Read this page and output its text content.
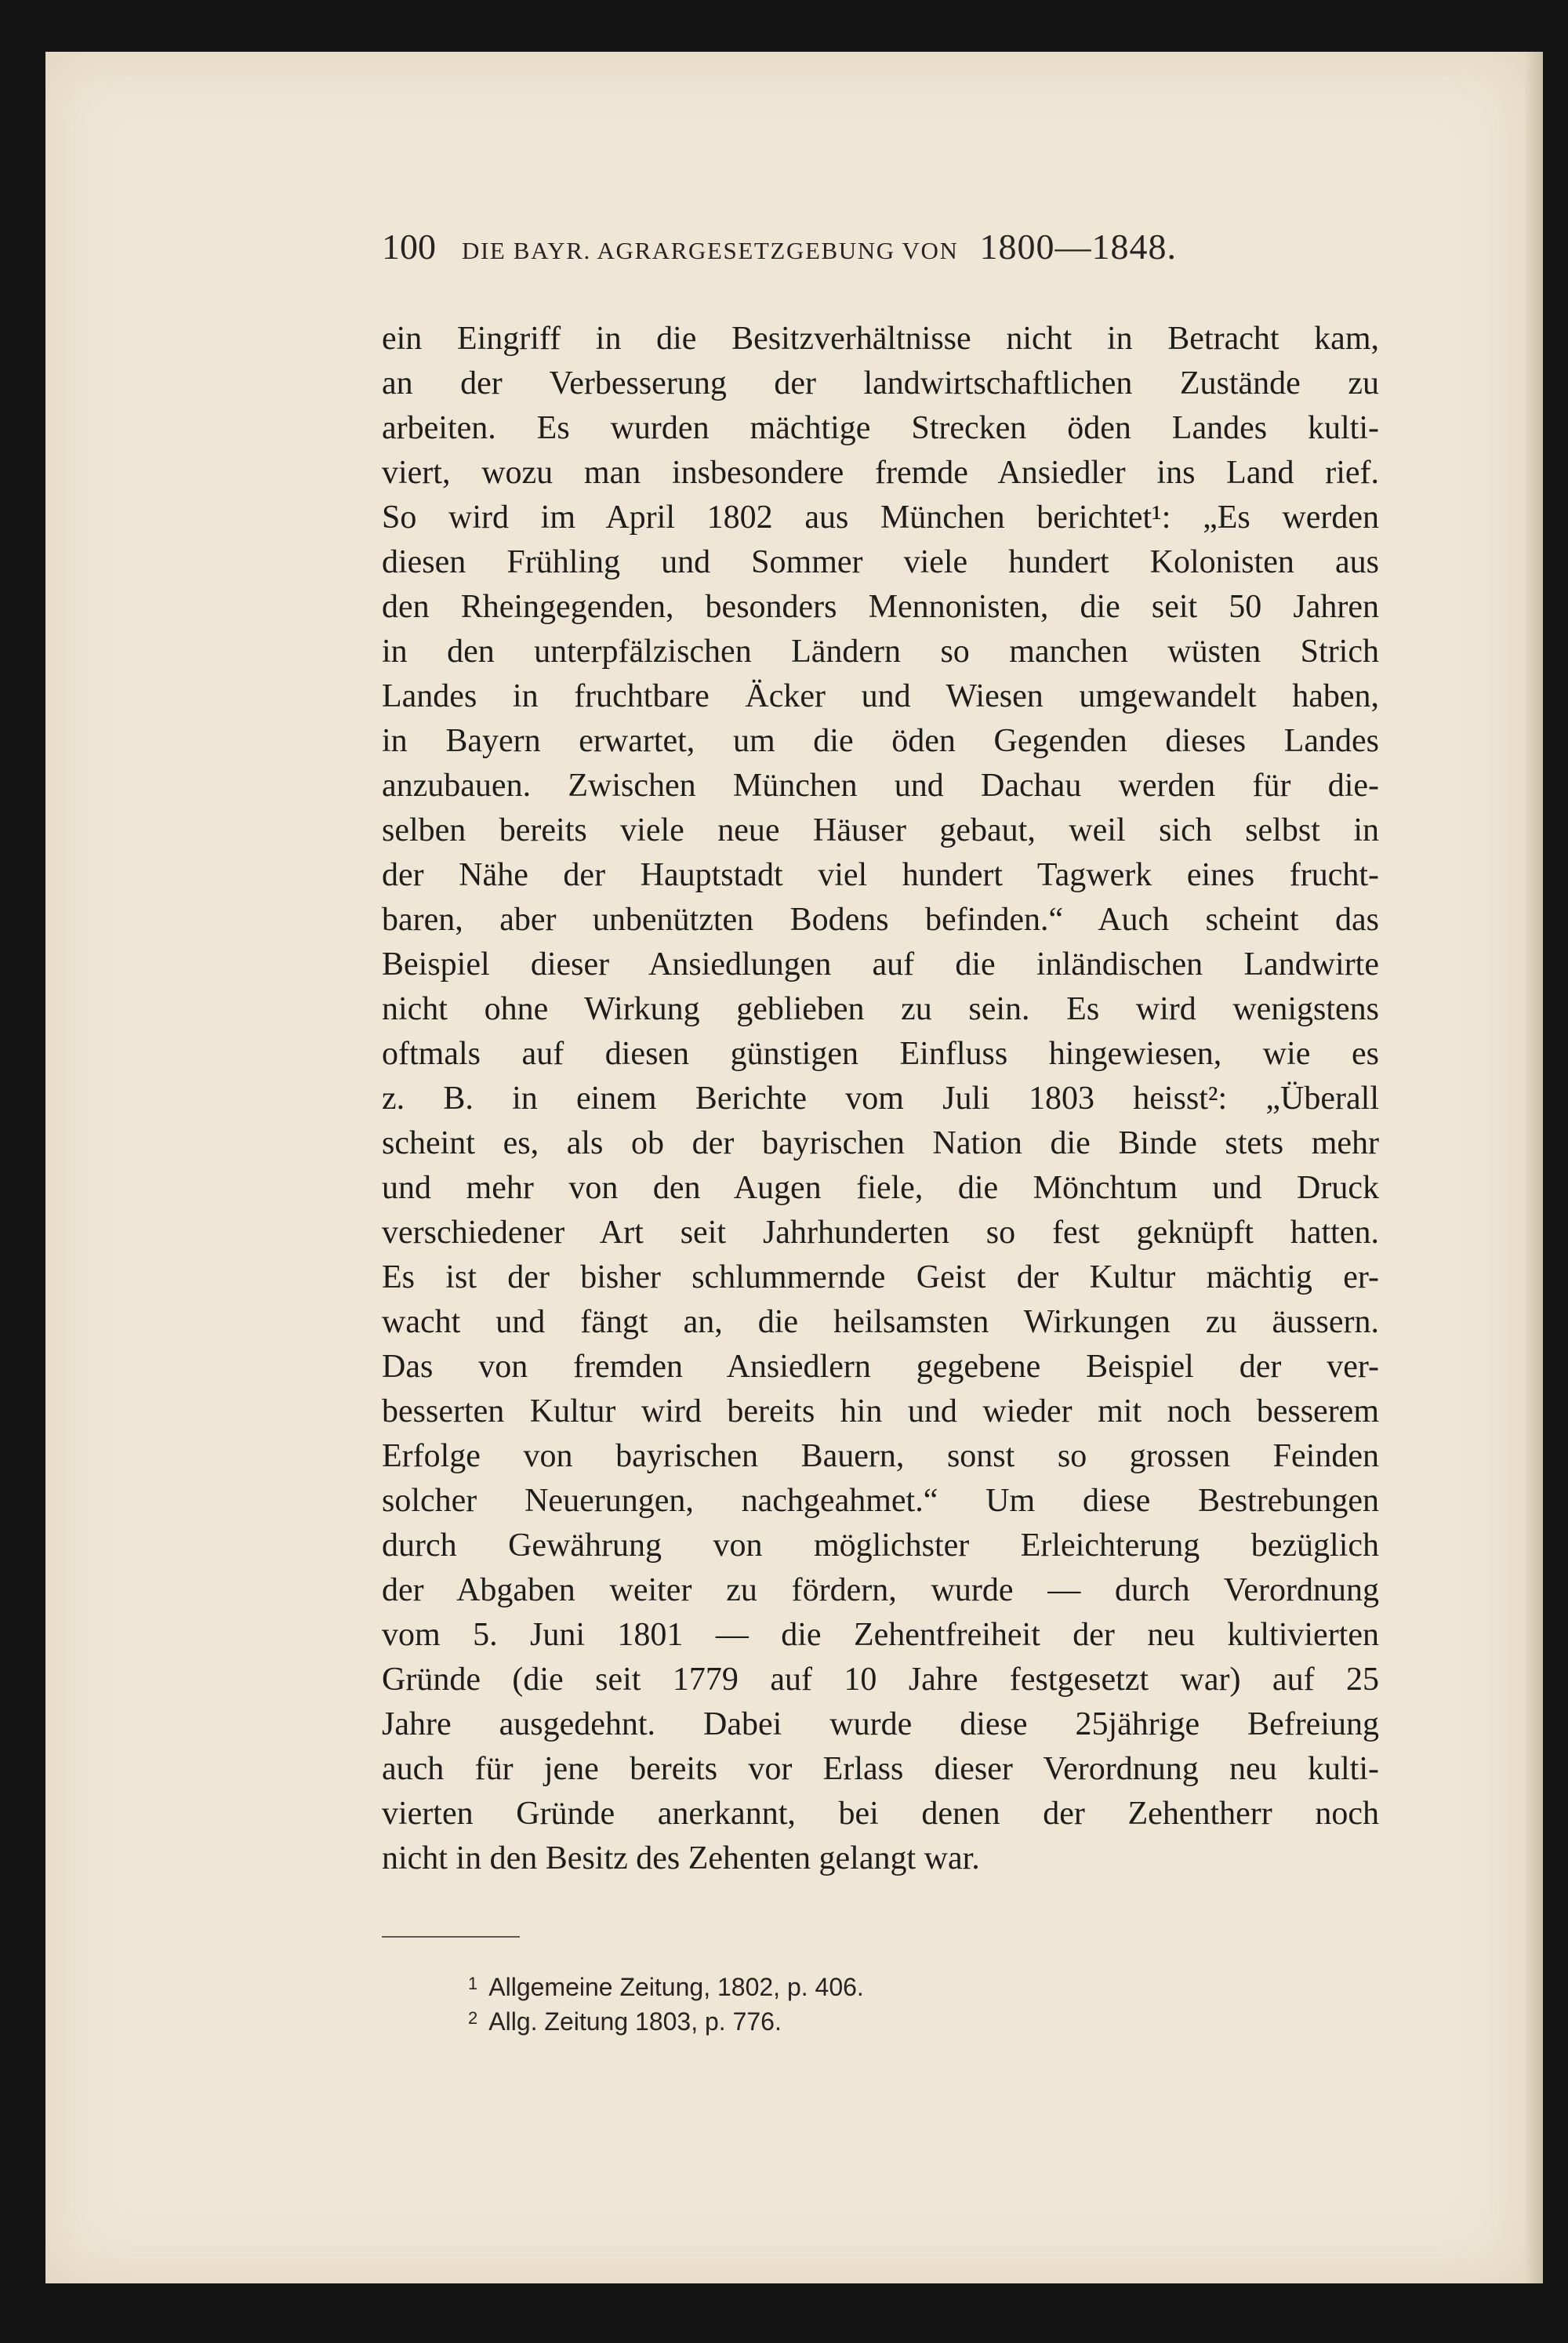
100 DIE BAYR. AGRARGESETZGEBUNG VON 1800—1848.
ein Eingriff in die Besitzverhältnisse nicht in Betracht kam,
an der Verbesserung der landwirtschaftlichen Zustände zu
arbeiten. Es wurden mächtige Strecken öden Landes kulti-
viert, wozu man insbesondere fremde Ansiedler ins Land rief.
So wird im April 1802 aus München berichtet¹: „Es werden
diesen Frühling und Sommer viele hundert Kolonisten aus
den Rheingegenden, besonders Mennonisten, die seit 50 Jahren
in den unterpfälzischen Ländern so manchen wüsten Strich
Landes in fruchtbare Äcker und Wiesen umgewandelt haben,
in Bayern erwartet, um die öden Gegenden dieses Landes
anzubauen. Zwischen München und Dachau werden für die-
selben bereits viele neue Häuser gebaut, weil sich selbst in
der Nähe der Hauptstadt viel hundert Tagwerk eines frucht-
baren, aber unbenützten Bodens befinden.“ Auch scheint das
Beispiel dieser Ansiedlungen auf die inländischen Landwirte
nicht ohne Wirkung geblieben zu sein. Es wird wenigstens
oftmals auf diesen günstigen Einfluss hingewiesen, wie es
z. B. in einem Berichte vom Juli 1803 heisst²: „Überall
scheint es, als ob der bayrischen Nation die Binde stets mehr
und mehr von den Augen fiele, die Mönchtum und Druck
verschiedener Art seit Jahrhunderten so fest geknüpft hatten.
Es ist der bisher schlummernde Geist der Kultur mächtig er-
wacht und fängt an, die heilsamsten Wirkungen zu äussern.
Das von fremden Ansiedlern gegebene Beispiel der ver-
besserten Kultur wird bereits hin und wieder mit noch besserem
Erfolge von bayrischen Bauern, sonst so grossen Feinden
solcher Neuerungen, nachgeahmet.“ Um diese Bestrebungen
durch Gewährung von möglichster Erleichterung bezüglich
der Abgaben weiter zu fördern, wurde — durch Verordnung
vom 5. Juni 1801 — die Zehentfreiheit der neu kultivierten
Gründe (die seit 1779 auf 10 Jahre festgesetzt war) auf 25
Jahre ausgedehnt. Dabei wurde diese 25jährige Befreiung
auch für jene bereits vor Erlass dieser Verordnung neu kulti-
vierten Gründe anerkannt, bei denen der Zehentherr noch
nicht in den Besitz des Zehenten gelangt war.
$^1$ Allgemeine Zeitung, 1802, p. 406.
$^2$ Allg. Zeitung 1803, p. 776.
